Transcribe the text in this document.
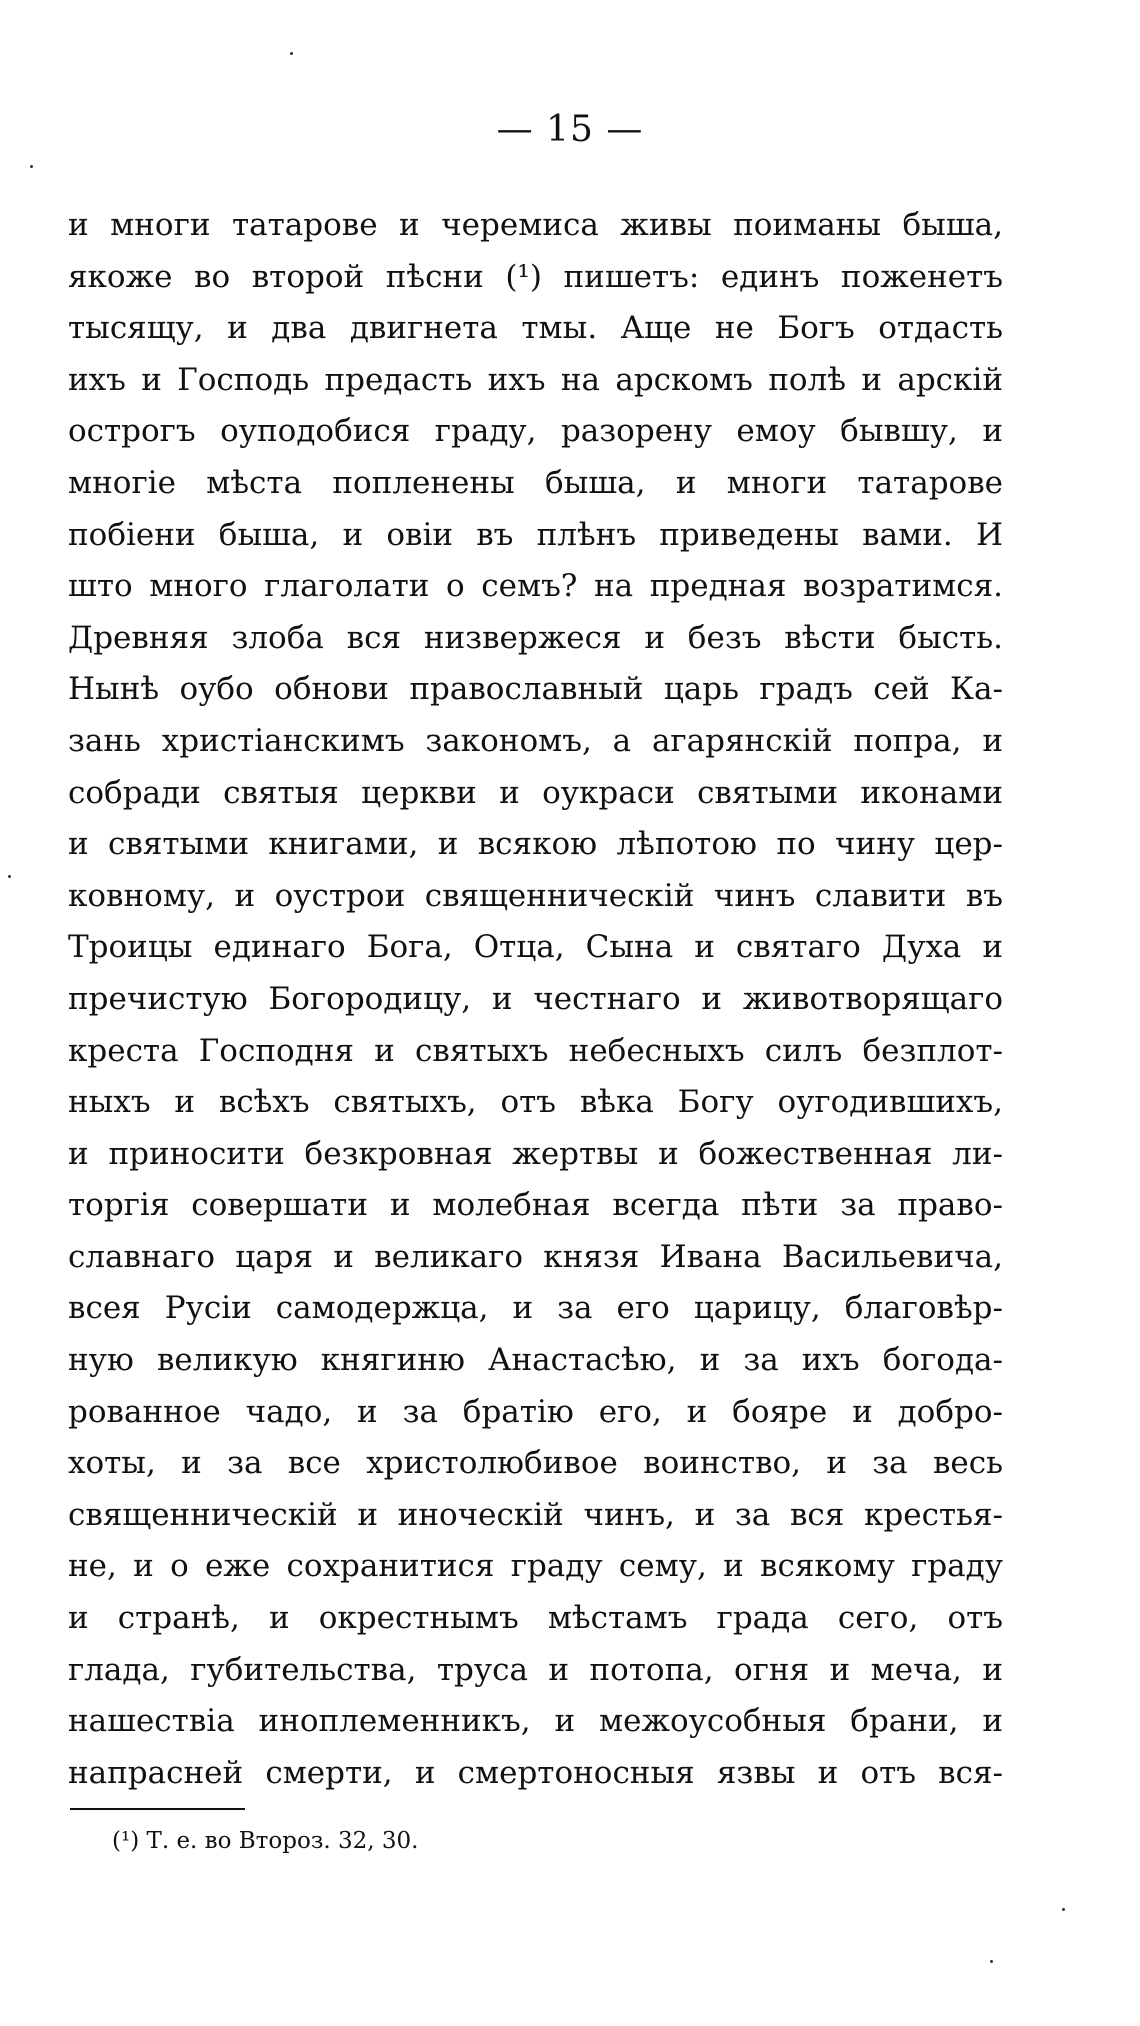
— 15 —
и многи татарове и черемиса живы поиманы быша,
якоже во второй пѣсни (¹) пишетъ: единъ поженетъ
тысящу, и два двигнета тмы. Аще не Богъ отдасть
ихъ и Господь предасть ихъ на арскомъ полѣ и арскій
острогъ оуподобися граду, разорену емоу бывшу, и
многіе мѣста попленены быша, и многи татарове
побіени быша, и овіи въ плѣнъ приведены вами. И
што много глаголати о семъ? на предная возратимся.
Древняя злоба вся низвержеся и безъ вѣсти бысть.
Нынѣ оубо обнови православный царь градъ сей Ка-
зань христіанскимъ закономъ, а агарянскій попра, и
собради святыя церкви и оукраси святыми иконами
и святыми книгами, и всякою лѣпотою по чину цер-
ковному, и оустрои священническій чинъ славити въ
Троицы единаго Бога, Отца, Сына и святаго Духа и
пречистую Богородицу, и честнаго и животворящаго
креста Господня и святыхъ небесныхъ силъ безплот-
ныхъ и всѣхъ святыхъ, отъ вѣка Богу оугодившихъ,
и приносити безкровная жертвы и божественная ли-
торгія совершати и молебная всегда пѣти за право-
славнаго царя и великаго князя Ивана Васильевича,
всея Русіи самодержца, и за его царицу, благовѣр-
ную великую княгиню Анастасѣю, и за ихъ богода-
рованное чадо, и за братію его, и бояре и добро-
хоты, и за все христолюбивое воинство, и за весь
священническій и иноческій чинъ, и за вся крестья-
не, и о еже сохранитися граду сему, и всякому граду
и странѣ, и окрестнымъ мѣстамъ града сего, отъ
глада, губительства, труса и потопа, огня и меча, и
нашествіа иноплеменникъ, и межоусобныя брани, и
напрасней смерти, и смертоносныя язвы и отъ вся-
(¹) Т. е. во Второз. 32, 30.
